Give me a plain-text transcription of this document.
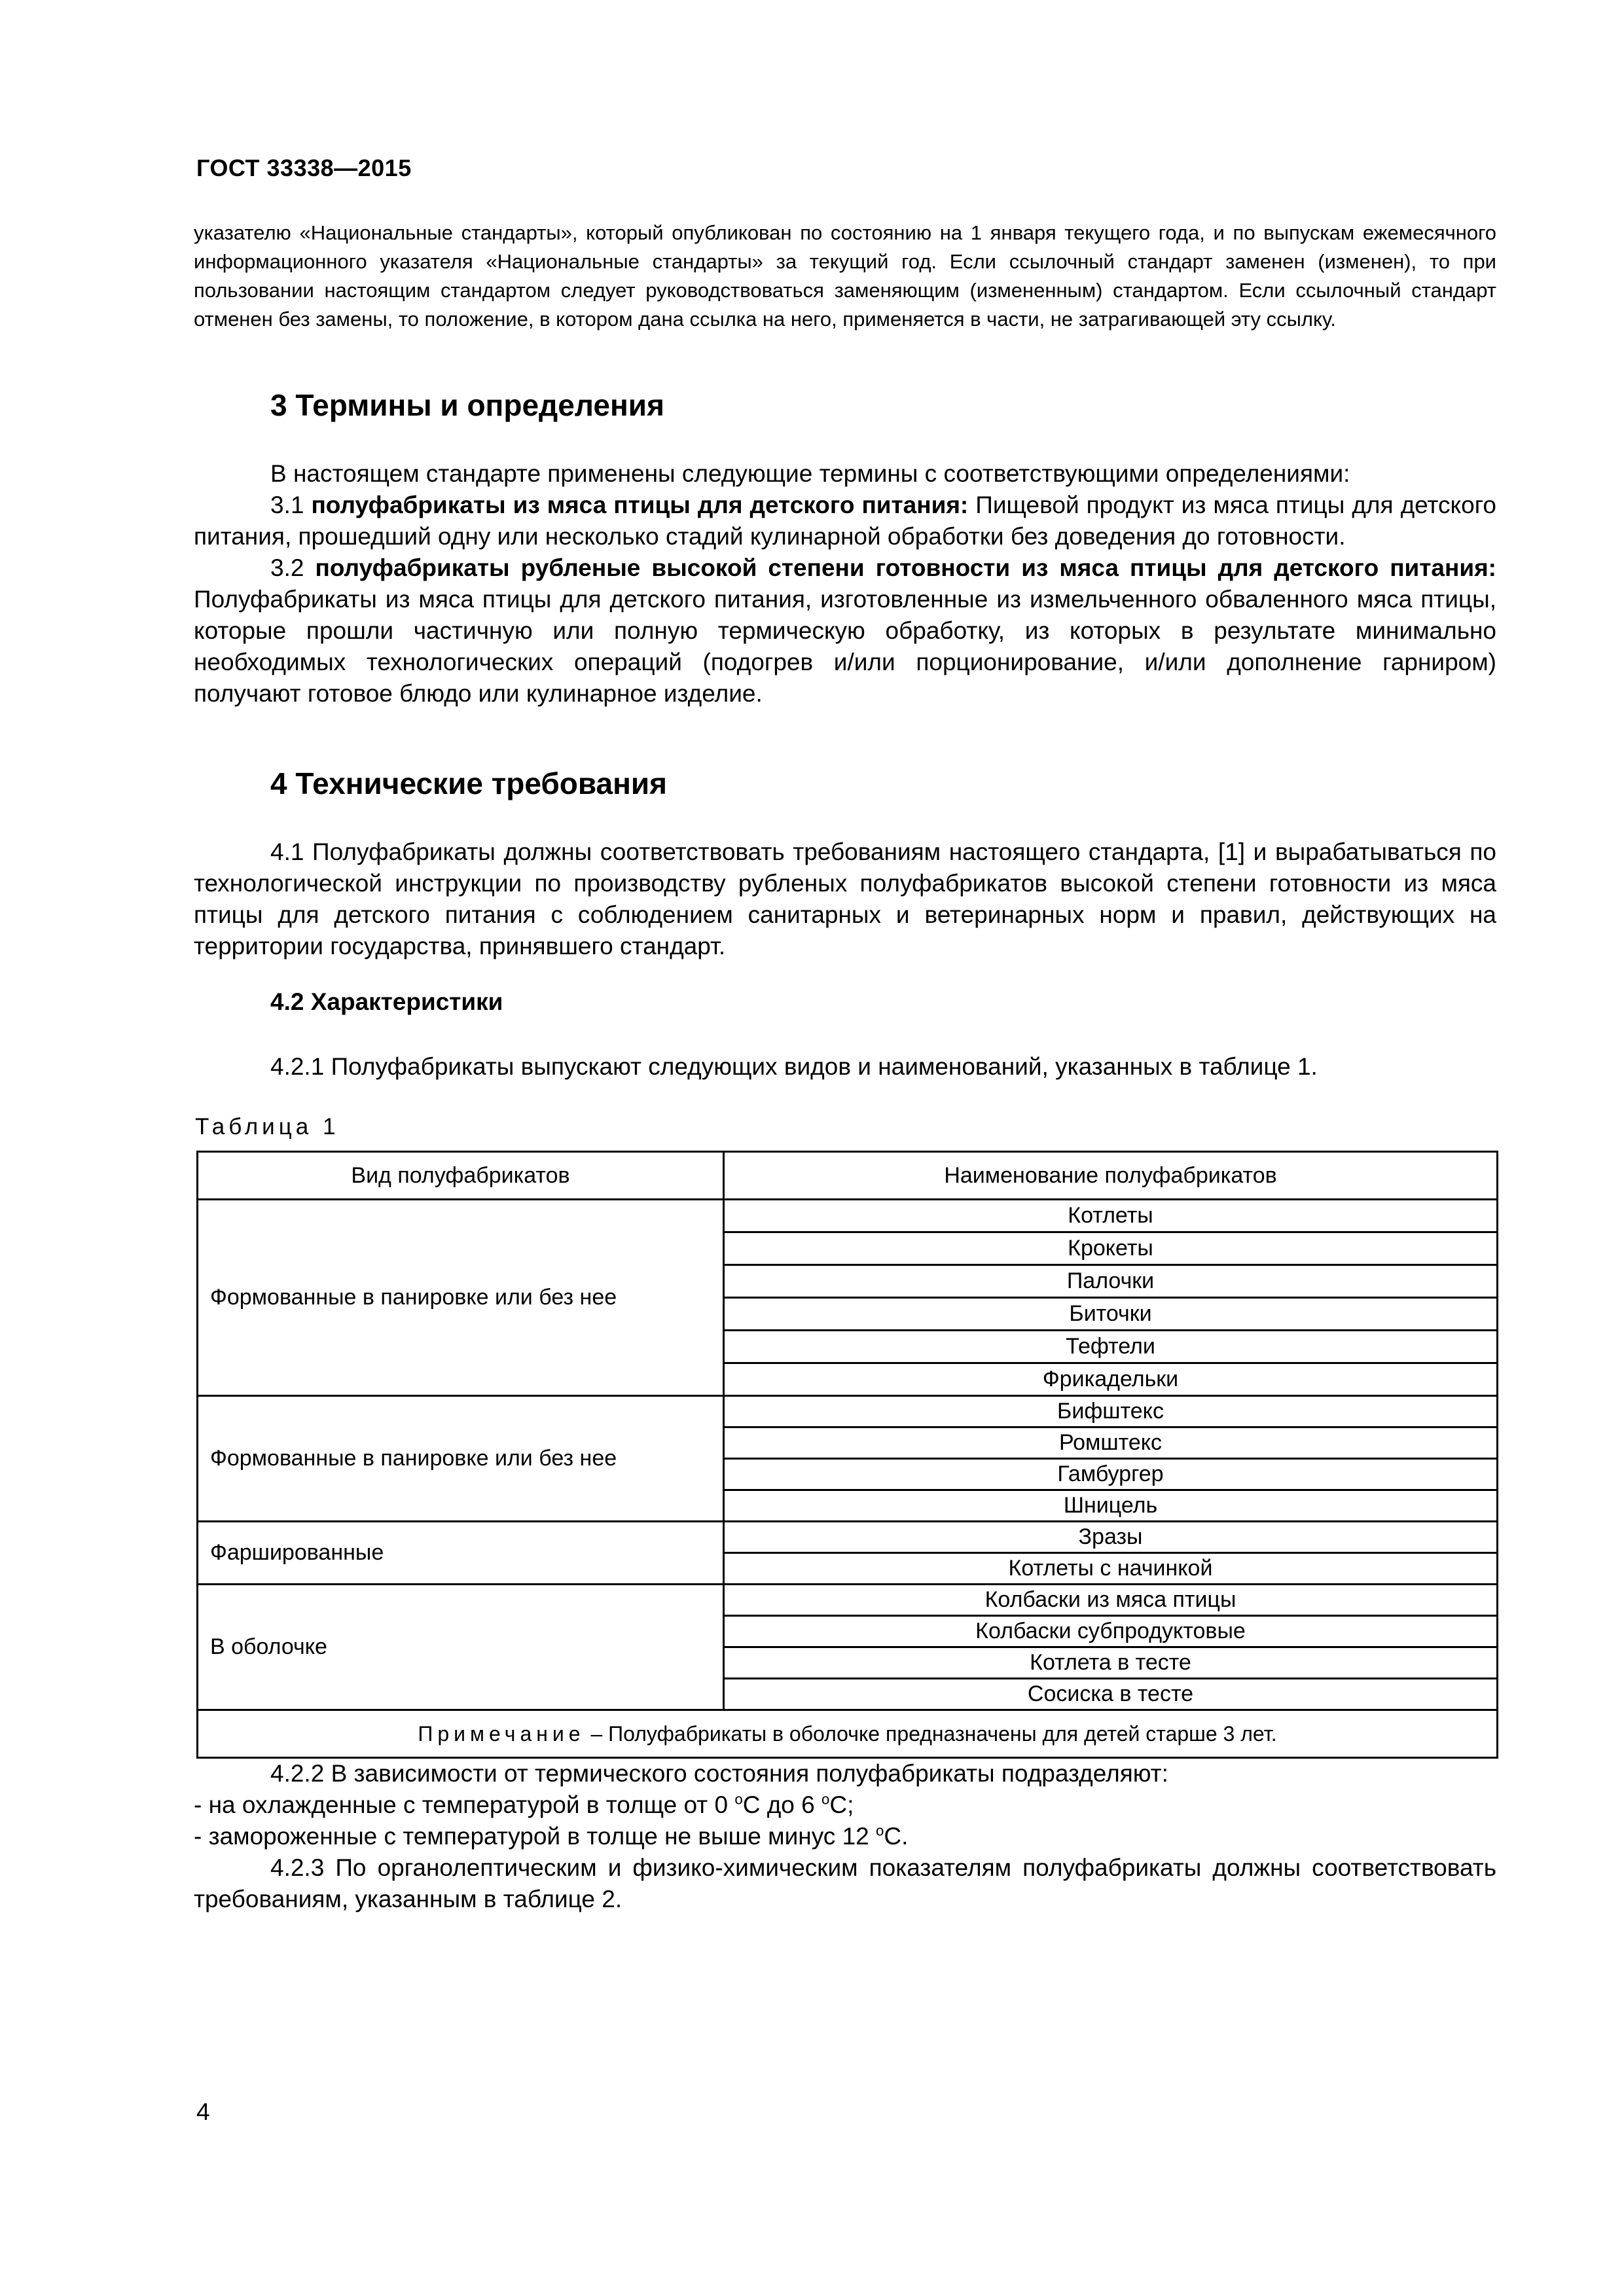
ГОСТ 33338—2015
указателю «Национальные стандарты», который опубликован по состоянию на 1 января текущего года, и по выпускам ежемесячного информационного указателя «Национальные стандарты» за текущий год. Если ссылочный стандарт заменен (изменен), то при пользовании настоящим стандартом следует руководствоваться заменяющим (измененным) стандартом. Если ссылочный стандарт отменен без замены, то положение, в котором дана ссылка на него, применяется в части, не затрагивающей эту ссылку.
3 Термины и определения

В настоящем стандарте применены следующие термины с соответствующими определениями:

3.1 полуфабрикаты из мяса птицы для детского питания: Пищевой продукт из мяса птицы для детского питания, прошедший одну или несколько стадий кулинарной обработки без доведения до готовности.

3.2 полуфабрикаты рубленые высокой степени готовности из мяса птицы для детского питания: Полуфабрикаты из мяса птицы для детского питания, изготовленные из измельченного обваленного мяса птицы, которые прошли частичную или полную термическую обработку, из которых в результате минимально необходимых технологических операций (подогрев и/или порционирование, и/или дополнение гарниром) получают готовое блюдо или кулинарное изделие.

4 Технические требования

4.1 Полуфабрикаты должны соответствовать требованиям настоящего стандарта, [1] и вырабатываться по технологической инструкции по производству рубленых полуфабрикатов высокой степени готовности из мяса птицы для детского питания с соблюдением санитарных и ветеринарных норм и правил, действующих на территории государства, принявшего стандарт.

4.2 Характеристики

4.2.1 Полуфабрикаты выпускают следующих видов и наименований, указанных в таблице 1.

Таблица 1
Вид полуфабрикатов	Наименование полуфабрикатов
Формованные в панировке или без нее	Котлеты
	Крокеты
	Палочки
	Биточки
	Тефтели
	Фрикадельки
Формованные в панировке или без нее	Бифштекс
	Ромштекс
	Гамбургер
	Шницель
Фаршированные	Зразы
	Котлеты с начинкой
В оболочке	Колбаски из мяса птицы
	Колбаски субпродуктовые
	Котлета в тесте
	Сосиска в тесте
Примечание – Полуфабрикаты в оболочке предназначены для детей старше 3 лет.	

4.2.2 В зависимости от термического состояния полуфабрикаты подразделяют:

- на охлажденные с температурой в толще от 0 $^о$С до 6 $^о$С;

- замороженные с температурой в толще не выше минус 12 $^о$С.

4.2.3 По органолептическим и физико-химическим показателям полуфабрикаты должны соответствовать требованиям, указанным в таблице 2.

4
